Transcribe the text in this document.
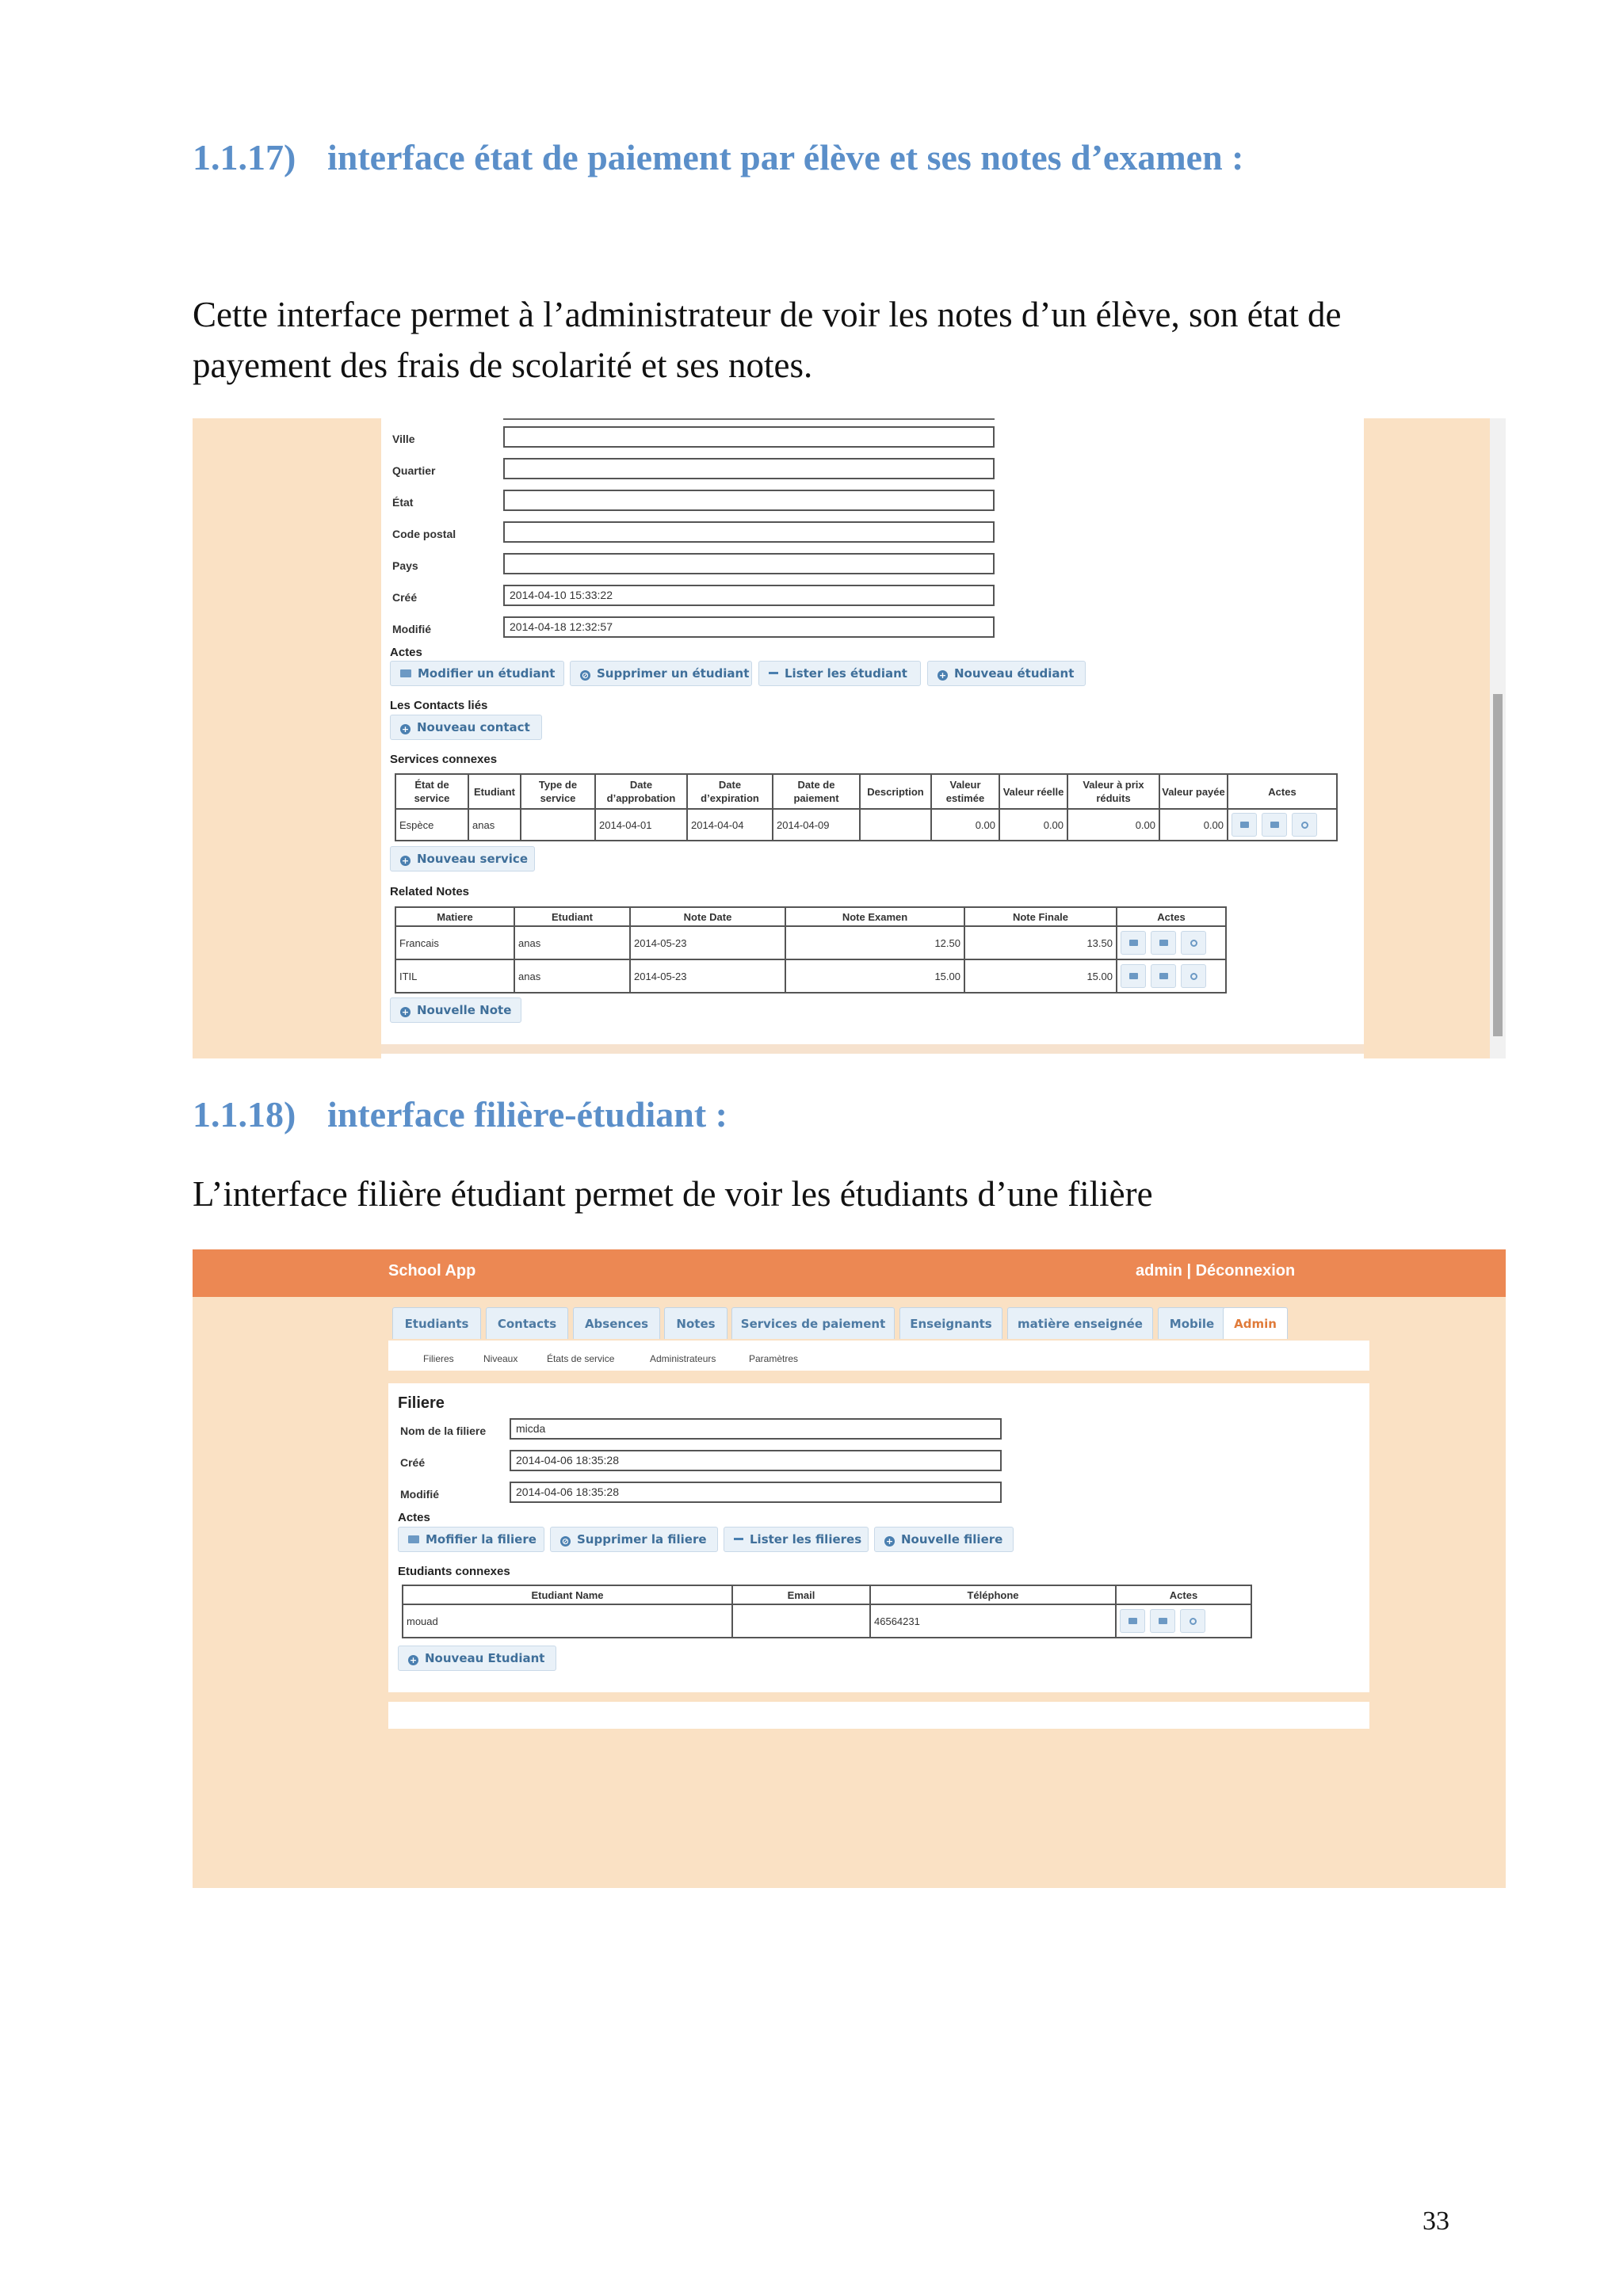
1.1.17) interface état de paiement par élève et ses notes d’examen :
Cette interface permet à l’administrateur de voir les notes d’un élève, son état de payement des frais de scolarité et ses notes.
Ville
Quartier
État
Code postal
Pays
Créé	2014-04-10 15:33:22
Modifié	2014-04-18 12:32:57
Actes
Modifier un étudiant	⊘ Supprimer un étudiant	Lister les étudiant	+ Nouveau étudiant
Les Contacts liés
+ Nouveau contact
Services connexes
État de service	Etudiant	Type de service	Date d’approbation	Date d’expiration	Date de paiement	Description	Valeur estimée	Valeur réelle	Valeur à prix réduits	Valeur payée	Actes
Espèce	anas		2014-04-01	2014-04-04	2014-04-09		0.00	0.00	0.00	0.00	
+ Nouveau service
Related Notes
Matiere	Etudiant	Note Date	Note Examen	Note Finale	Actes
Francais	anas	2014-05-23	12.50	13.50	

ITIL	anas	2014-05-23	15.00	15.00	
+ Nouvelle Note
1.1.18) interface filière-étudiant :
L’interface filière étudiant permet de voir les étudiants d’une filière
School App	admin | Déconnexion
Etudiants	Contacts	Absences	Notes	Services de paiement	Enseignants	matière enseignée	Mobile	Admin
Filieres	Niveaux	États de service	Administrateurs	Paramètres
Filiere
Nom de la filiere	micda
Créé	2014-04-06 18:35:28
Modifié	2014-04-06 18:35:28
Actes
Mofifier la filiere	⊘ Supprimer la filiere	Lister les filieres	+ Nouvelle filiere
Etudiants connexes
Etudiant Name	Email	Téléphone	Actes
mouad		46564231	
+ Nouveau Etudiant
33
